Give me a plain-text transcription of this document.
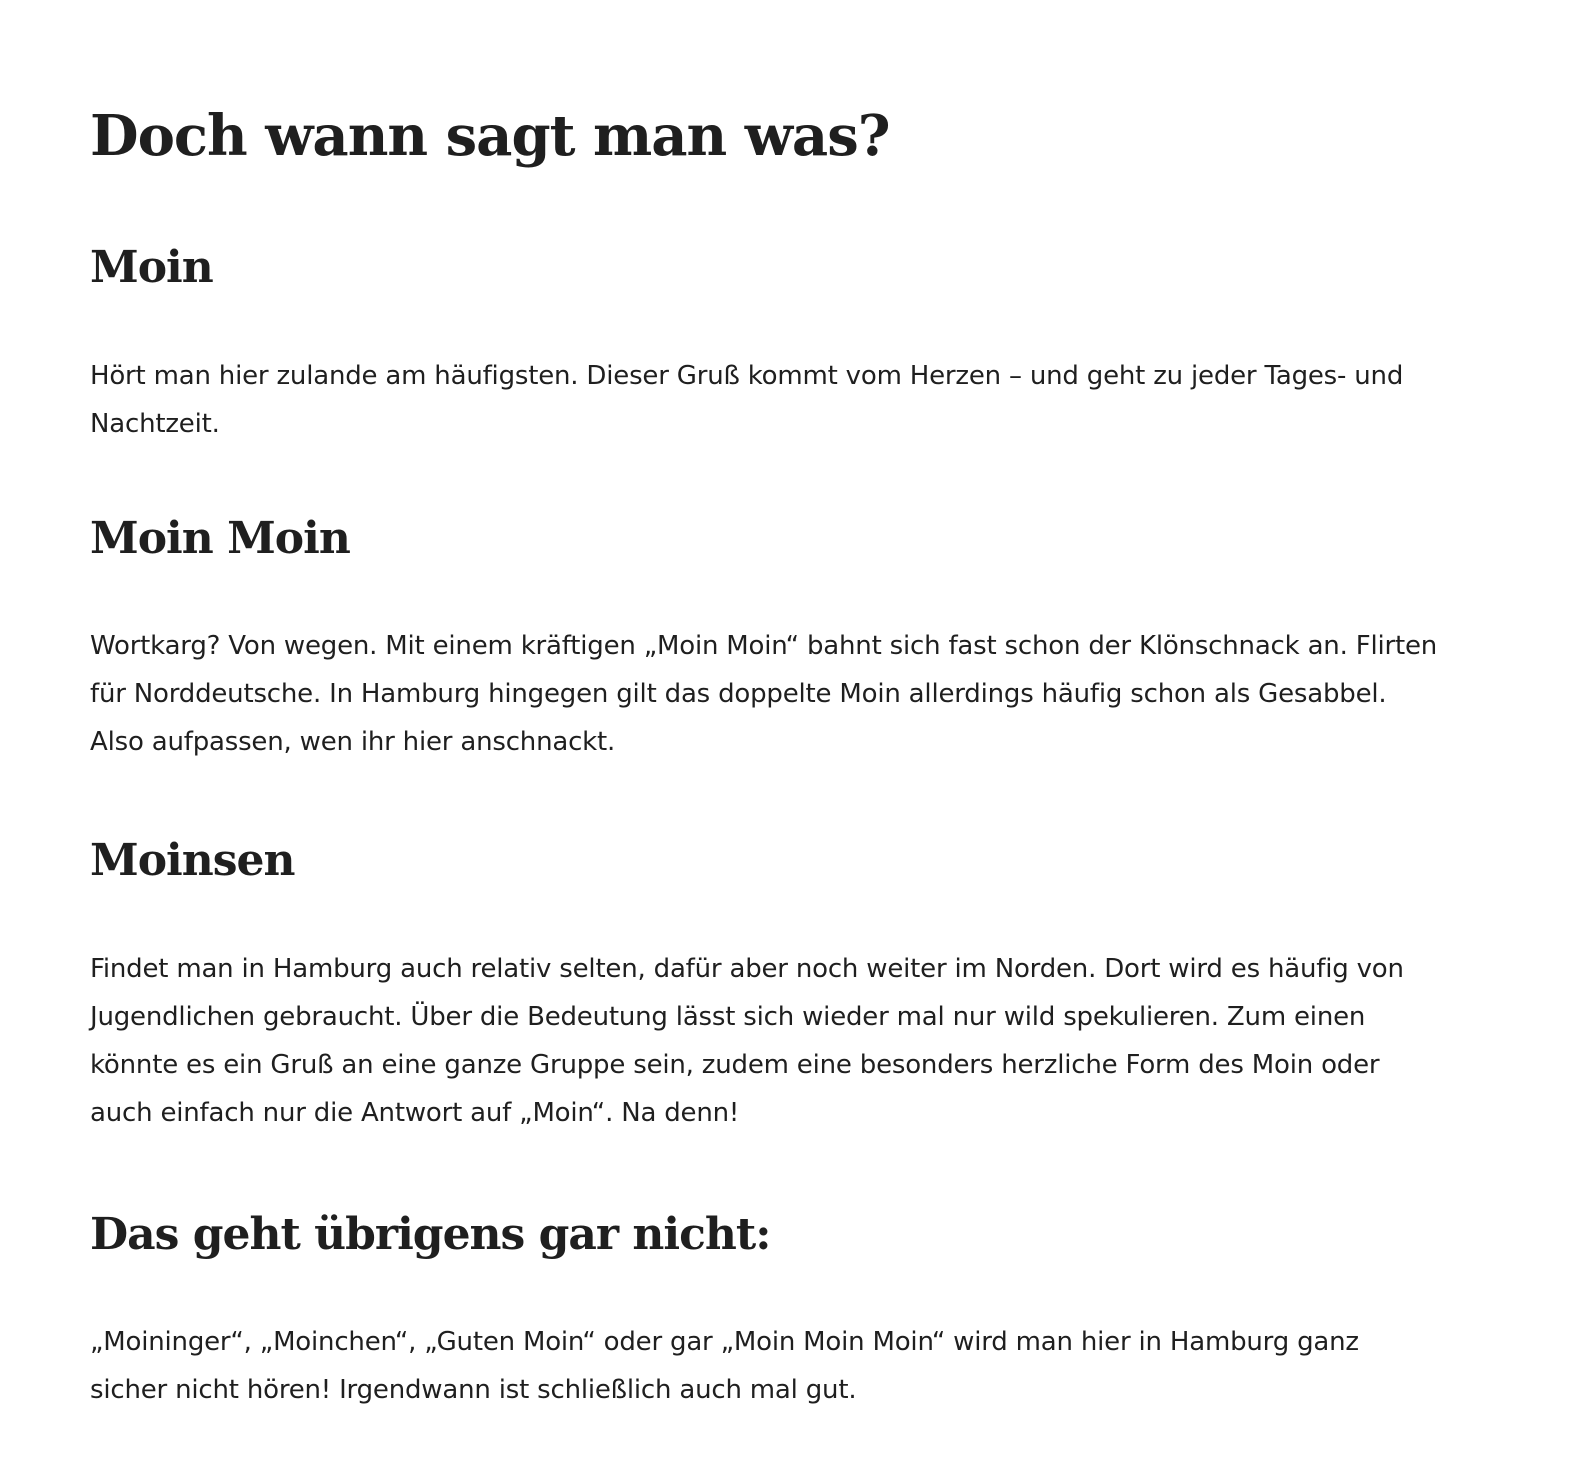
Doch wann sagt man was?
Moin

Hört man hier zulande am häufigsten. Dieser Gruß kommt vom Herzen – und geht zu jeder Tages- und Nachtzeit.

Moin Moin

Wortkarg? Von wegen. Mit einem kräftigen „Moin Moin“ bahnt sich fast schon der Klönschnack an. Flirten für Norddeutsche. In Hamburg hingegen gilt das doppelte Moin allerdings häufig schon als Gesabbel. Also aufpassen, wen ihr hier anschnackt.

Moinsen

Findet man in Hamburg auch relativ selten, dafür aber noch weiter im Norden. Dort wird es häufig von Jugendlichen gebraucht. Über die Bedeutung lässt sich wieder mal nur wild spekulieren. Zum einen könnte es ein Gruß an eine ganze Gruppe sein, zudem eine besonders herzliche Form des Moin oder auch einfach nur die Antwort auf „Moin“. Na denn!

Das geht übrigens gar nicht:

„Moininger“, „Moinchen“, „Guten Moin“ oder gar „Moin Moin Moin“ wird man hier in Hamburg ganz sicher nicht hören! Irgendwann ist schließlich auch mal gut.
